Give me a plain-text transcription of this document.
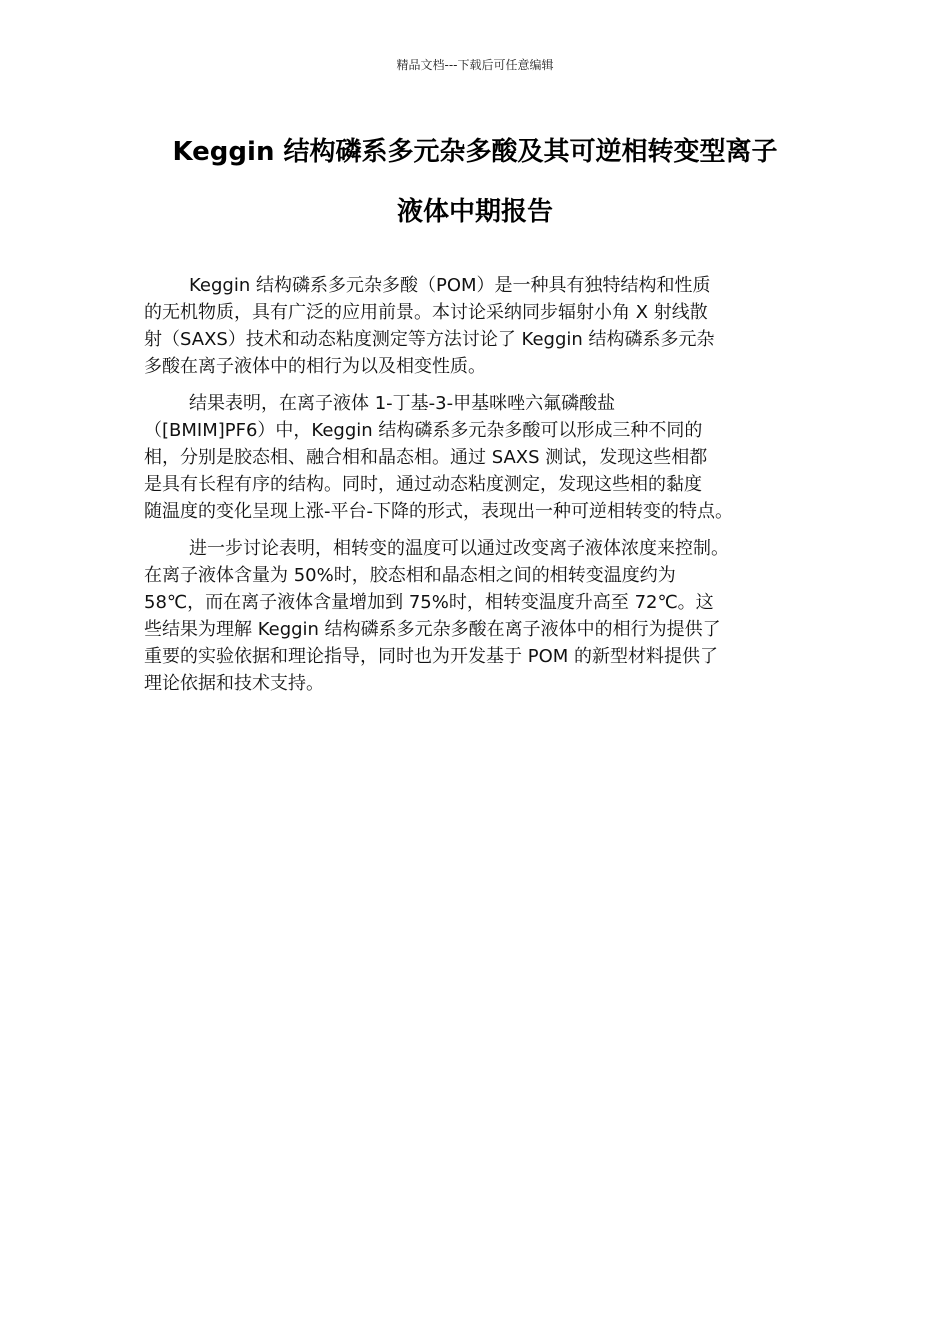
精品文档---下载后可任意编辑
Keggin 结构磷系多元杂多酸及其可逆相转变型离子
液体中期报告

Keggin 结构磷系多元杂多酸（POM）是一种具有独特结构和性质
的无机物质，具有广泛的应用前景。本讨论采纳同步辐射小角 X 射线散
射（SAXS）技术和动态粘度测定等方法讨论了 Keggin 结构磷系多元杂
多酸在离子液体中的相行为以及相变性质。

结果表明，在离子液体 1-丁基-3-甲基咪唑六氟磷酸盐
（[BMIM]PF6）中，Keggin 结构磷系多元杂多酸可以形成三种不同的
相，分别是胶态相、融合相和晶态相。通过 SAXS 测试，发现这些相都
是具有长程有序的结构。同时，通过动态粘度测定，发现这些相的黏度
随温度的变化呈现上涨-平台-下降的形式，表现出一种可逆相转变的特点。

进一步讨论表明，相转变的温度可以通过改变离子液体浓度来控制。
在离子液体含量为 50%时，胶态相和晶态相之间的相转变温度约为
58℃，而在离子液体含量增加到 75%时，相转变温度升高至 72℃。这
些结果为理解 Keggin 结构磷系多元杂多酸在离子液体中的相行为提供了
重要的实验依据和理论指导，同时也为开发基于 POM 的新型材料提供了
理论依据和技术支持。
